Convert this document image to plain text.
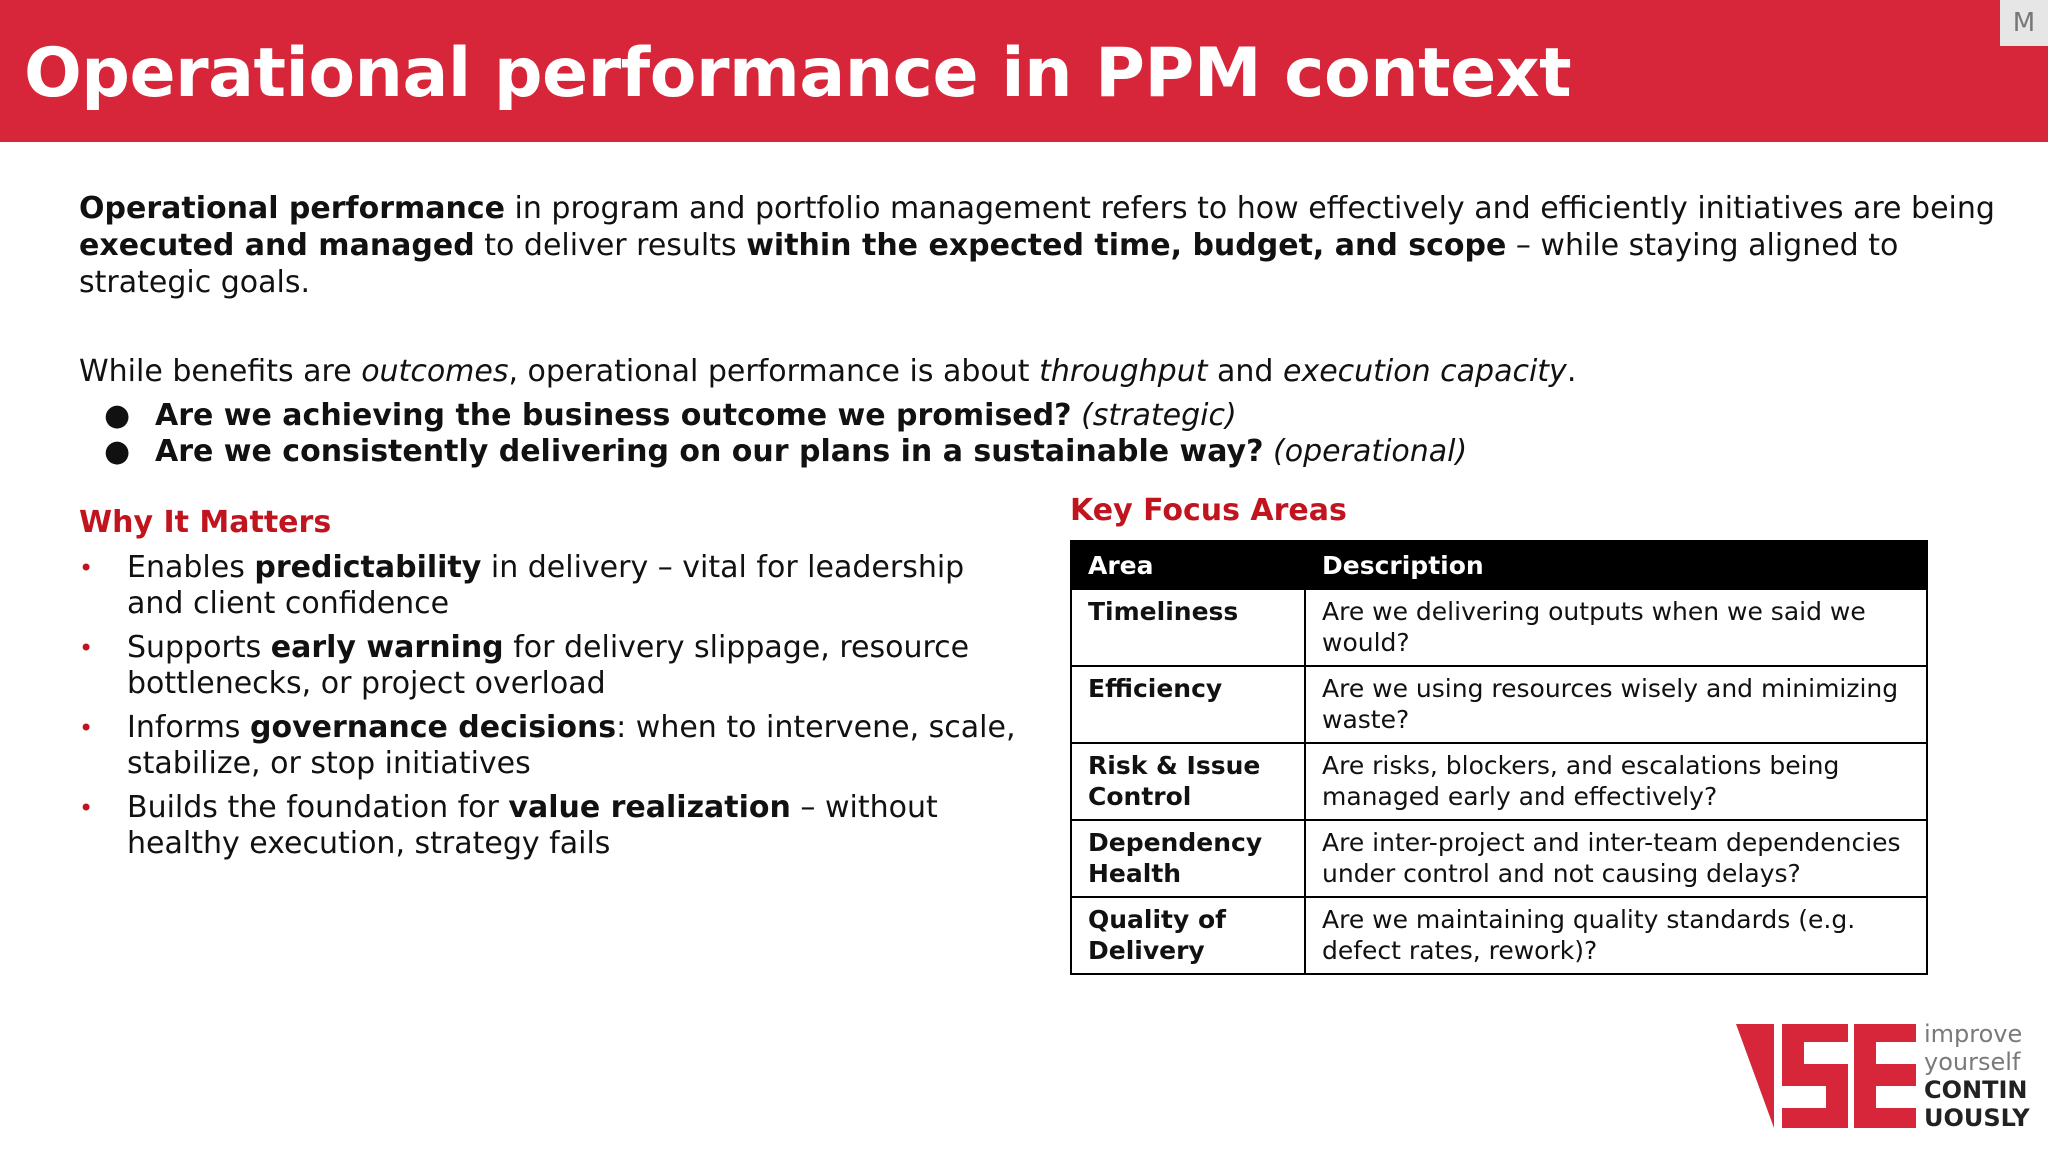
Operational performance in PPM context
M

Operational performance in program and portfolio management refers to how effectively and efficiently initiatives are being executed and managed to deliver results within the expected time, budget, and scope – while staying aligned to strategic goals.

While benefits are outcomes, operational performance is about throughput and execution capacity.

● Are we achieving the business outcome we promised? (strategic)
● Are we consistently delivering on our plans in a sustainable way? (operational)
Why It Matters
• Enables predictability in delivery – vital for leadership and client confidence
• Supports early warning for delivery slippage, resource bottlenecks, or project overload
• Informs governance decisions: when to intervene, scale, stabilize, or stop initiatives
• Builds the foundation for value realization – without healthy execution, strategy fails
Key Focus Areas
Area	Description
Timeliness	Are we delivering outputs when we said we would?
Efficiency	Are we using resources wisely and minimizing waste?
Risk & Issue Control	Are risks, blockers, and escalations being managed early and effectively?
Dependency Health	Are inter-project and inter-team dependencies under control and not causing delays?
Quality of Delivery	Are we maintaining quality standards (e.g. defect rates, rework)?
improve
yourself
CONTIN
UOUSLY
